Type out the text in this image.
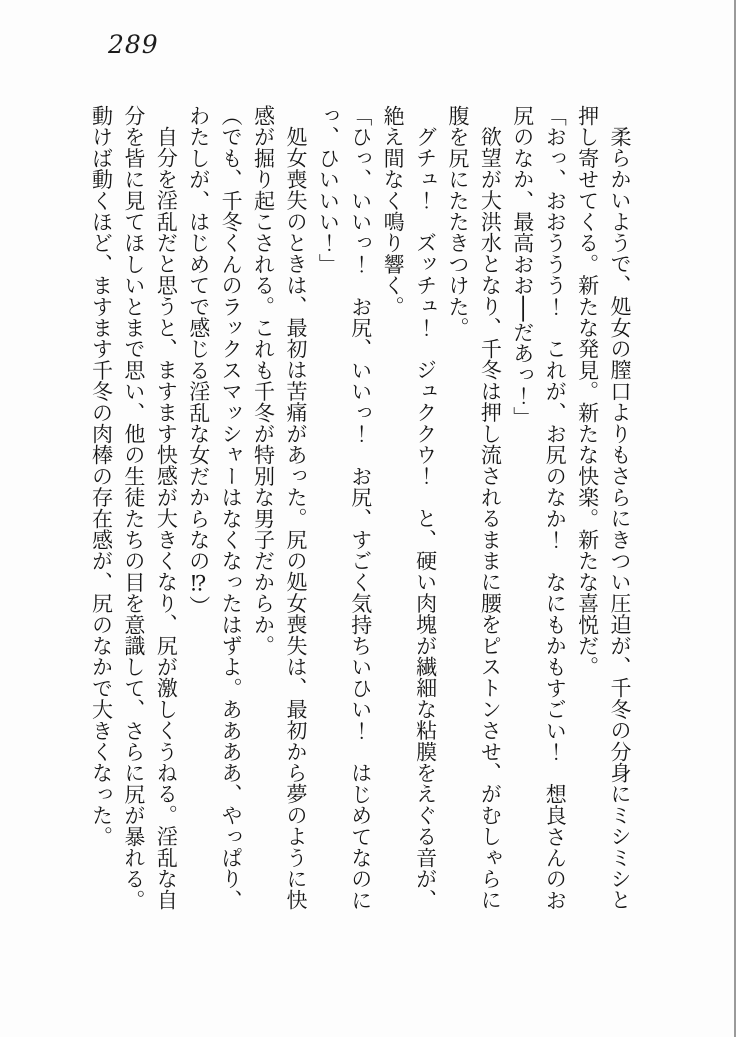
289

柔らかいようで、処女の膣口よりもさらにきつい圧迫が、千冬の分身にミシミシと押し寄せてくる。新たな発見。新たな快楽。新たな喜悦だ。

「おっ、おおううう！　これが、お尻のなか！　なにもかもすごい！　想良さんのお尻のなか、最高おお──だあっ！」

欲望が大洪水となり、千冬は押し流されるままに腰をピストンさせ、がむしゃらに腹を尻にたたきつけた。

グチュ！　ズッチュ！　ジュククウ！　と、硬い肉塊が繊細な粘膜をえぐる音が、絶え間なく鳴り響く。

「ひっ、いいっ！　お尻、いいっ！　お尻、すごく気持ちいひい！　はじめてなのにっ、ひいいい！」

処女喪失のときは、最初は苦痛があった。尻の処女喪失は、最初から夢のように快感が掘り起こされる。これも千冬が特別な男子だからか。

（でも、千冬くんのラックスマッシャーはなくなったはずよ。ああああ、やっぱり、わたしが、はじめてで感じる淫乱な女だからなの⁉）

自分を淫乱だと思うと、ますます快感が大きくなり、尻が激しくうねる。淫乱な自分を皆に見てほしいとまで思い、他の生徒たちの目を意識して、さらに尻が暴れる。動けば動くほど、ますます千冬の肉棒の存在感が、尻のなかで大きくなった。
